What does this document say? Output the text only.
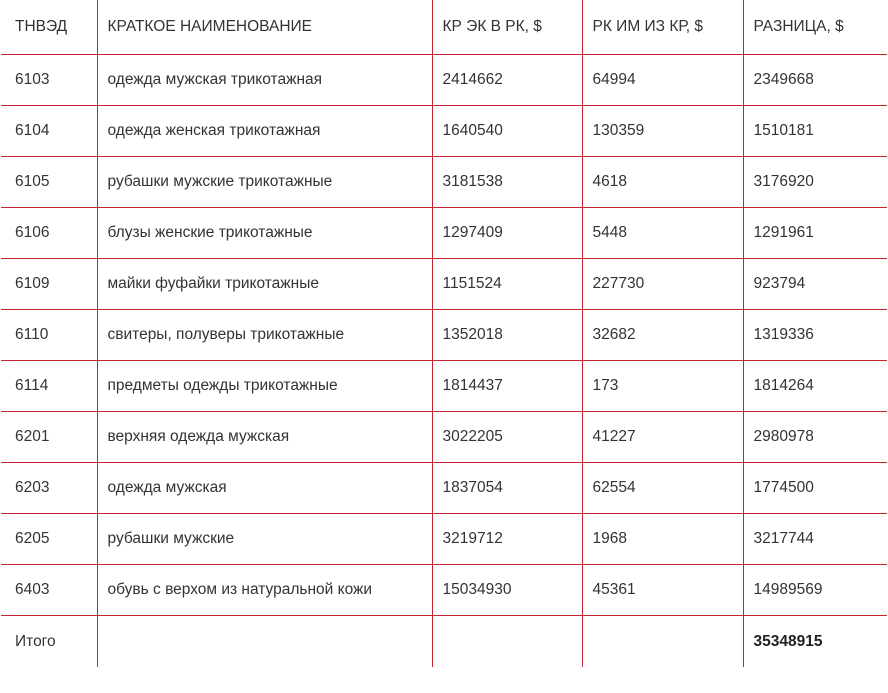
ТНВЭД	КРАТКОЕ НАИМЕНОВАНИЕ	КР ЭК В РК, $	РК ИМ ИЗ КР, $	РАЗНИЦА, $
6103	одежда мужская трикотажная	2414662	64994	2349668
6104	одежда женская трикотажная	1640540	130359	1510181
6105	рубашки мужские трикотажные	3181538	4618	3176920
6106	блузы женские трикотажные	1297409	5448	1291961
6109	майки фуфайки трикотажные	1151524	227730	923794
6110	свитеры, полуверы трикотажные	1352018	32682	1319336
6114	предметы одежды трикотажные	1814437	173	1814264
6201	верхняя одежда мужская	3022205	41227	2980978
6203	одежда мужская	1837054	62554	1774500
6205	рубашки мужские	3219712	1968	3217744
6403	обувь с верхом из натуральной кожи	15034930	45361	14989569
Итого				35348915
